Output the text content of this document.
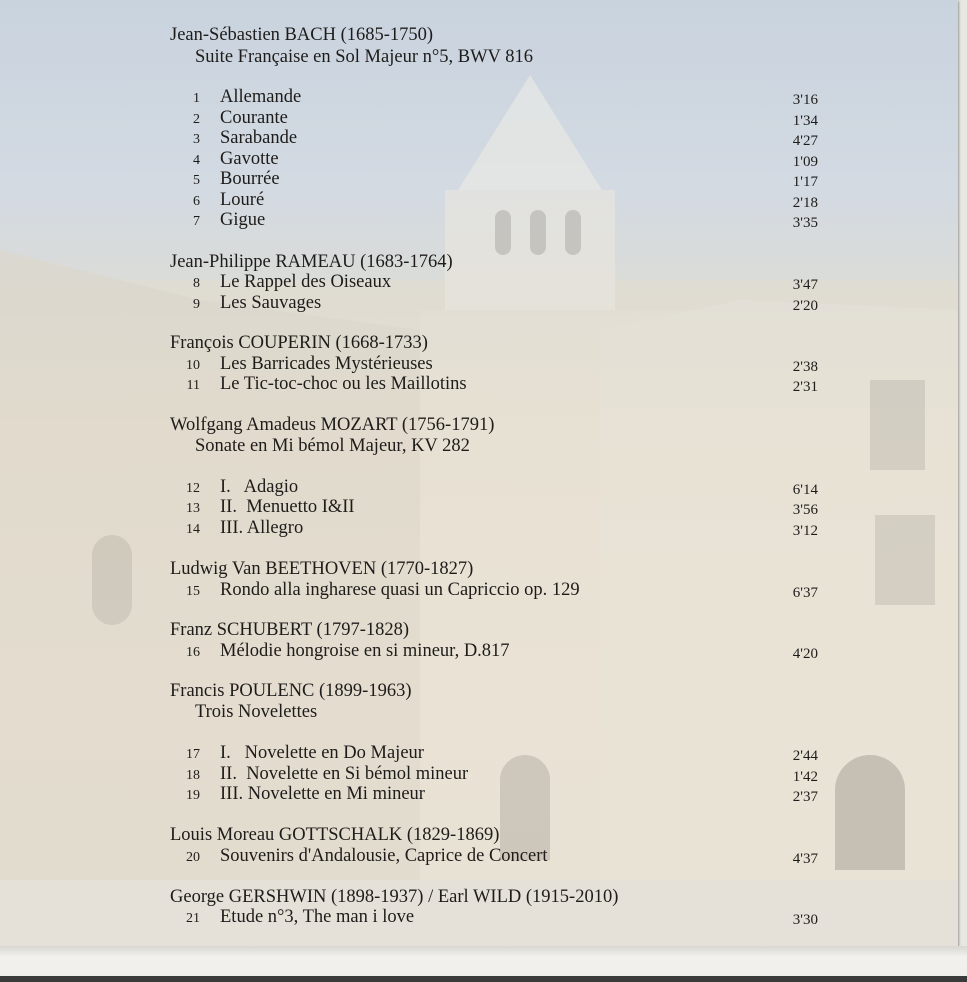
Jean-Sébastien BACH (1685-1750)
Suite Française en Sol Majeur n°5, BWV 816
1 Allemande	3'16
2 Courante	1'34
3 Sarabande	4'27
4 Gavotte	1'09
5 Bourrée	1'17
6 Louré	2'18
7 Gigue	3'35
Jean-Philippe RAMEAU (1683-1764)
8 Le Rappel des Oiseaux	3'47
9 Les Sauvages	2'20
François COUPERIN (1668-1733)
10 Les Barricades Mystérieuses	2'38
11 Le Tic-toc-choc ou les Maillotins	2'31
Wolfgang Amadeus MOZART (1756-1791)
Sonate en Mi bémol Majeur, KV 282
12 I.   Adagio	6'14
13 II.  Menuetto I&II	3'56
14 III. Allegro	3'12
Ludwig Van BEETHOVEN (1770-1827)
15 Rondo alla ingharese quasi un Capriccio op. 129	6'37
Franz SCHUBERT (1797-1828)
16 Mélodie hongroise en si mineur, D.817	4'20
Francis POULENC (1899-1963)
Trois Novelettes
17 I.   Novelette en Do Majeur	2'44
18 II.  Novelette en Si bémol mineur	1'42
19 III. Novelette en Mi mineur	2'37
Louis Moreau GOTTSCHALK (1829-1869)
20 Souvenirs d'Andalousie, Caprice de Concert	4'37
George GERSHWIN (1898-1937) / Earl WILD (1915-2010)
21 Etude n°3, The man i love	3'30
